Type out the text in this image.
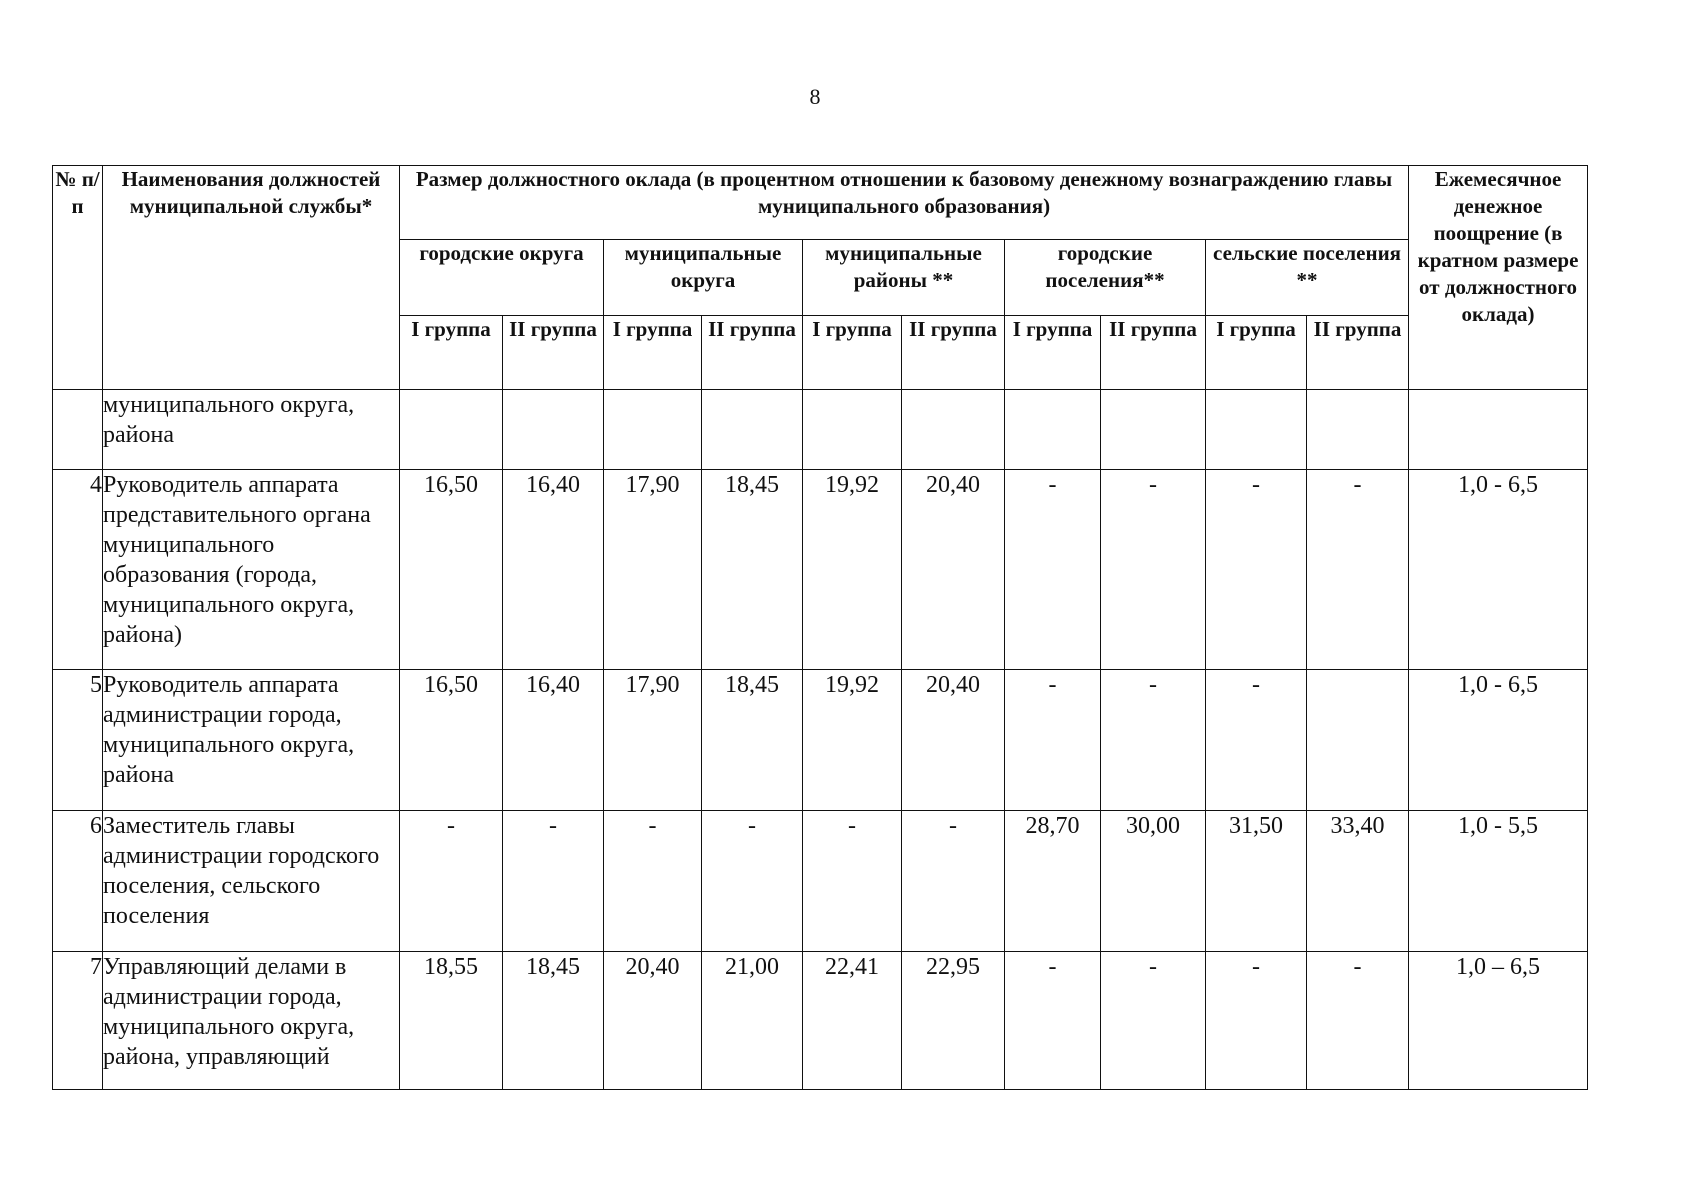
8
№ п/п	Наименования должностей муниципальной службы*	Размер должностного оклада (в процентном отношении к базовому денежному вознаграждению главы муниципального образования)										Ежемесячное денежное поощрение (в кратном размере от должностного оклада)
		городские округа		муниципальные округа		муниципальные районы **		городские поселения**		сельские поселения **		
		I группа	II группа	I группа	II группа	I группа	II группа	I группа	II группа	I группа	II группа	
	муниципального округа, района											
4	Руководитель аппарата представительного органа муниципального образования (города, муниципального округа, района)	16,50	16,40	17,90	18,45	19,92	20,40	-	-	-	-	1,0 - 6,5
5	Руководитель аппарата администрации города, муниципального округа, района	16,50	16,40	17,90	18,45	19,92	20,40	-	-	-		1,0 - 6,5
6	Заместитель главы администрации городского поселения, сельского поселения	-	-	-	-	-	-	28,70	30,00	31,50	33,40	1,0 - 5,5
7	Управляющий делами в администрации города, муниципального округа, района, управляющий	18,55	18,45	20,40	21,00	22,41	22,95	-	-	-	-	1,0 – 6,5
